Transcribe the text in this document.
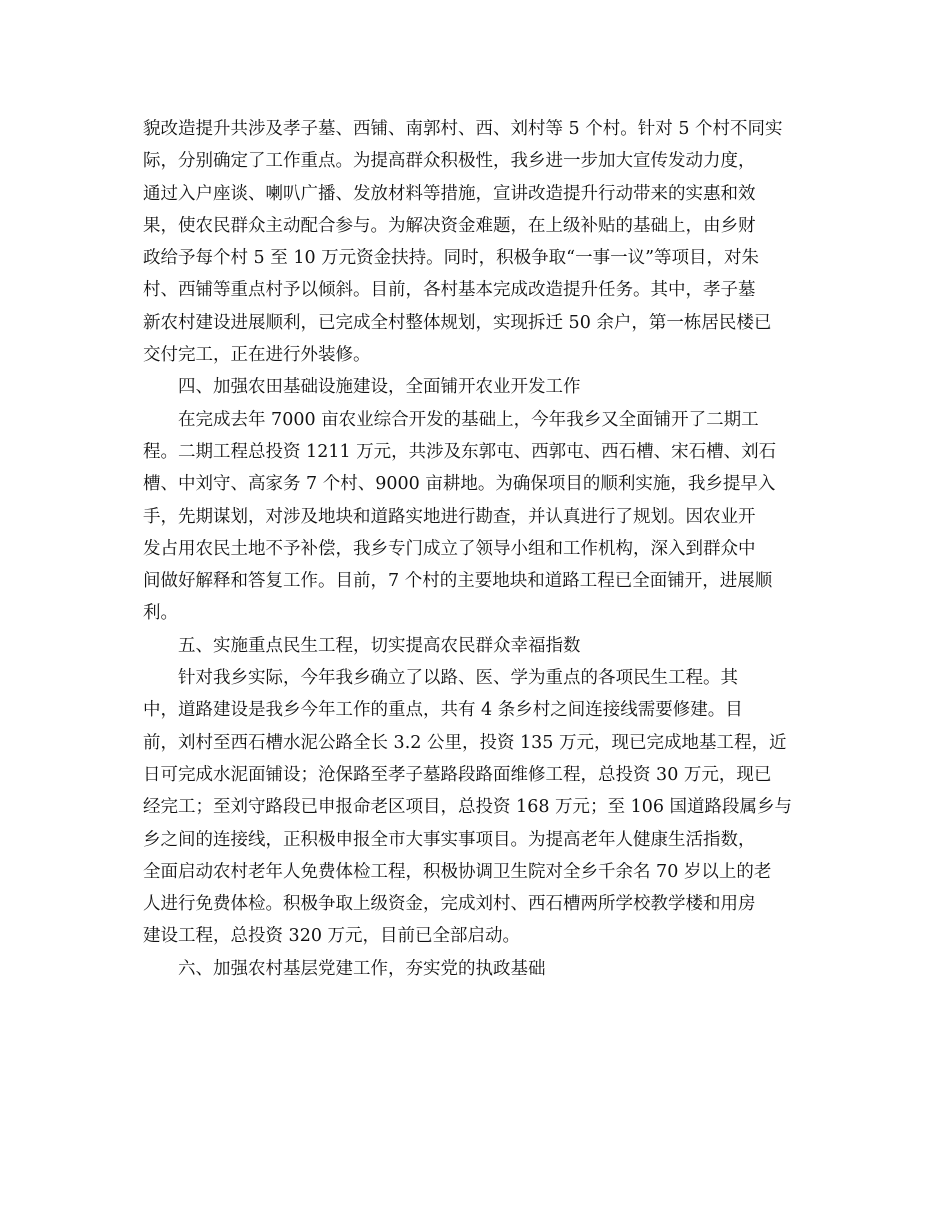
貌改造提升共涉及孝子墓、西铺、南郭村、西、刘村等 5 个村。针对 5 个村不同实
际，分别确定了工作重点。为提高群众积极性，我乡进一步加大宣传发动力度，
通过入户座谈、喇叭广播、发放材料等措施，宣讲改造提升行动带来的实惠和效
果，使农民群众主动配合参与。为解决资金难题，在上级补贴的基础上，由乡财
政给予每个村 5 至 10 万元资金扶持。同时，积极争取“一事一议”等项目，对朱
村、西铺等重点村予以倾斜。目前，各村基本完成改造提升任务。其中，孝子墓
新农村建设进展顺利，已完成全村整体规划，实现拆迁 50 余户，第一栋居民楼已
交付完工，正在进行外装修。
四、加强农田基础设施建设，全面铺开农业开发工作
在完成去年 7000 亩农业综合开发的基础上，今年我乡又全面铺开了二期工
程。二期工程总投资 1211 万元，共涉及东郭屯、西郭屯、西石槽、宋石槽、刘石
槽、中刘守、高家务 7 个村、9000 亩耕地。为确保项目的顺利实施，我乡提早入
手，先期谋划，对涉及地块和道路实地进行勘查，并认真进行了规划。因农业开
发占用农民土地不予补偿，我乡专门成立了领导小组和工作机构，深入到群众中
间做好解释和答复工作。目前，7 个村的主要地块和道路工程已全面铺开，进展顺
利。
五、实施重点民生工程，切实提高农民群众幸福指数
针对我乡实际，今年我乡确立了以路、医、学为重点的各项民生工程。其
中，道路建设是我乡今年工作的重点，共有 4 条乡村之间连接线需要修建。目
前，刘村至西石槽水泥公路全长 3.2 公里，投资 135 万元，现已完成地基工程，近
日可完成水泥面铺设；沧保路至孝子墓路段路面维修工程，总投资 30 万元，现已
经完工；至刘守路段已申报命老区项目，总投资 168 万元；至 106 国道路段属乡与
乡之间的连接线，正积极申报全市大事实事项目。为提高老年人健康生活指数，
全面启动农村老年人免费体检工程，积极协调卫生院对全乡千余名 70 岁以上的老
人进行免费体检。积极争取上级资金，完成刘村、西石槽两所学校教学楼和用房
建设工程，总投资 320 万元，目前已全部启动。
六、加强农村基层党建工作，夯实党的执政基础
